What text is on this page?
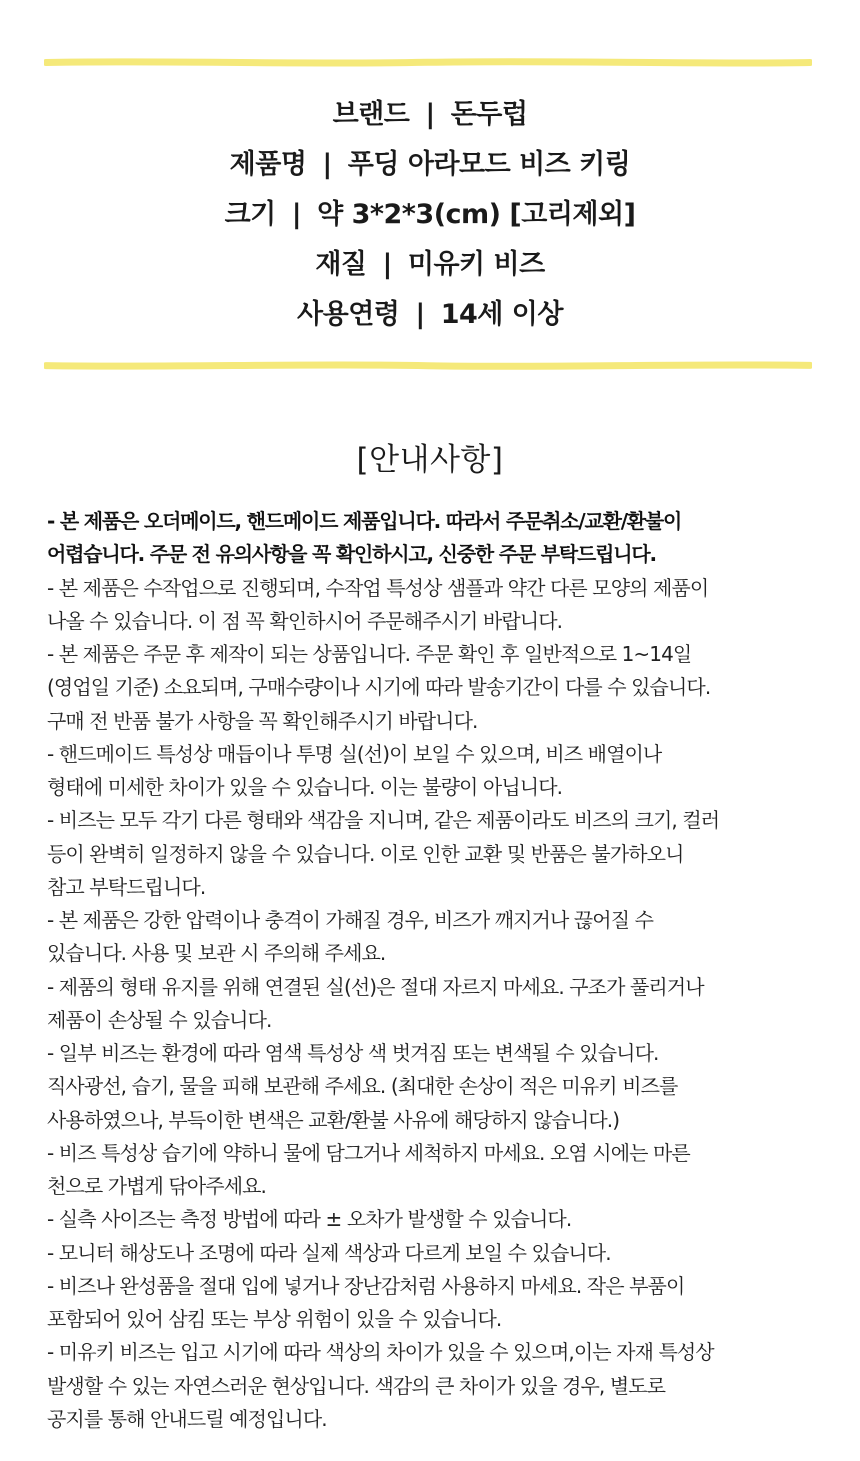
브랜드 | 돈두럽
제품명 | 푸딩 아라모드 비즈 키링
크기 | 약 3*2*3(cm) [고리제외]
재질 | 미유키 비즈
사용연령 | 14세 이상
[안내사항]
- 본 제품은 오더메이드, 핸드메이드 제품입니다. 따라서 주문취소/교환/환불이
어렵습니다. 주문 전 유의사항을 꼭 확인하시고, 신중한 주문 부탁드립니다.
- 본 제품은 수작업으로 진행되며, 수작업 특성상 샘플과 약간 다른 모양의 제품이
나올 수 있습니다. 이 점 꼭 확인하시어 주문해주시기 바랍니다.
- 본 제품은 주문 후 제작이 되는 상품입니다. 주문 확인 후 일반적으로 1~14일
(영업일 기준) 소요되며, 구매수량이나 시기에 따라 발송기간이 다를 수 있습니다.
구매 전 반품 불가 사항을 꼭 확인해주시기 바랍니다.
- 핸드메이드 특성상 매듭이나 투명 실(선)이 보일 수 있으며, 비즈 배열이나
형태에 미세한 차이가 있을 수 있습니다. 이는 불량이 아닙니다.
- 비즈는 모두 각기 다른 형태와 색감을 지니며, 같은 제품이라도 비즈의 크기, 컬러
등이 완벽히 일정하지 않을 수 있습니다. 이로 인한 교환 및 반품은 불가하오니
참고 부탁드립니다.
- 본 제품은 강한 압력이나 충격이 가해질 경우, 비즈가 깨지거나 끊어질 수
있습니다. 사용 및 보관 시 주의해 주세요.
- 제품의 형태 유지를 위해 연결된 실(선)은 절대 자르지 마세요. 구조가 풀리거나
제품이 손상될 수 있습니다.
- 일부 비즈는 환경에 따라 염색 특성상 색 벗겨짐 또는 변색될 수 있습니다.
직사광선, 습기, 물을 피해 보관해 주세요. (최대한 손상이 적은 미유키 비즈를
사용하였으나, 부득이한 변색은 교환/환불 사유에 해당하지 않습니다.)
- 비즈 특성상 습기에 약하니 물에 담그거나 세척하지 마세요. 오염 시에는 마른
천으로 가볍게 닦아주세요.
- 실측 사이즈는 측정 방법에 따라 ± 오차가 발생할 수 있습니다.
- 모니터 해상도나 조명에 따라 실제 색상과 다르게 보일 수 있습니다.
- 비즈나 완성품을 절대 입에 넣거나 장난감처럼 사용하지 마세요. 작은 부품이
포함되어 있어 삼킴 또는 부상 위험이 있을 수 있습니다.
- 미유키 비즈는 입고 시기에 따라 색상의 차이가 있을 수 있으며,이는 자재 특성상
발생할 수 있는 자연스러운 현상입니다. 색감의 큰 차이가 있을 경우, 별도로
공지를 통해 안내드릴 예정입니다.
